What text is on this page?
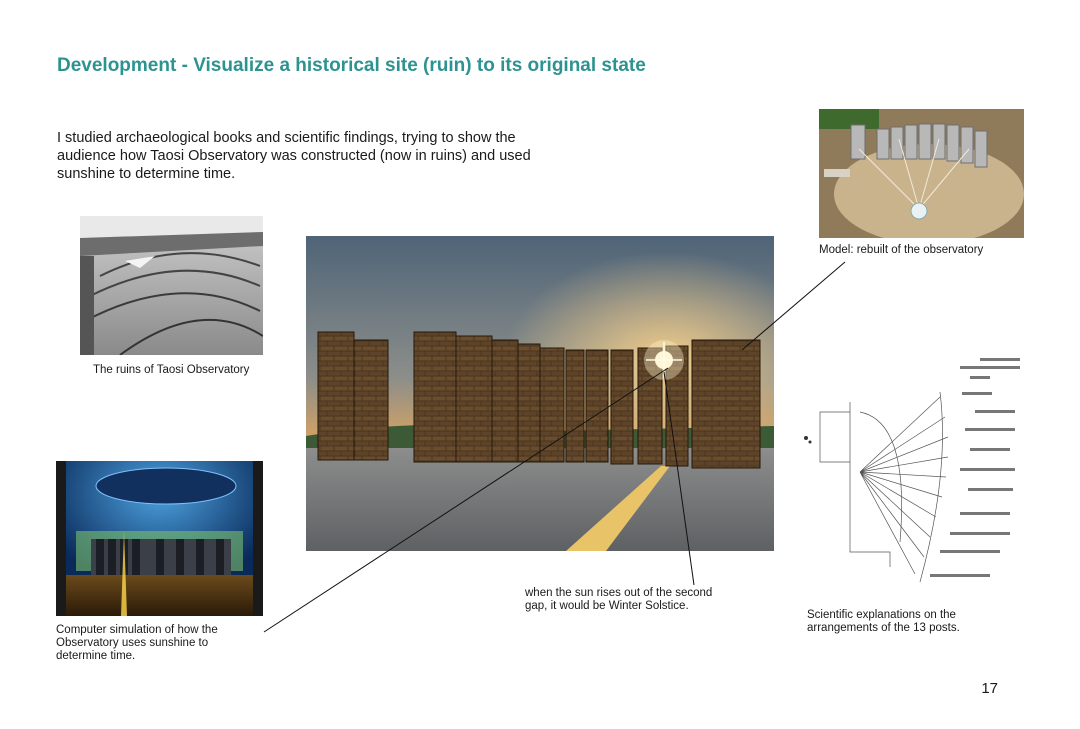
Development - Visualize a historical site (ruin) to its original state
I studied archaeological books and scientific findings, trying to show the audience how Taosi Observatory was constructed (now in ruins) and used sunshine to determine time.
The ruins of Taosi Observatory
Computer simulation of how the Observatory uses sunshine to determine time.
Model: rebuilt of the observatory
Scientific explanations on the arrangements of the 13 posts.
when the sun rises out of the second gap, it would be Winter Solstice.
17
